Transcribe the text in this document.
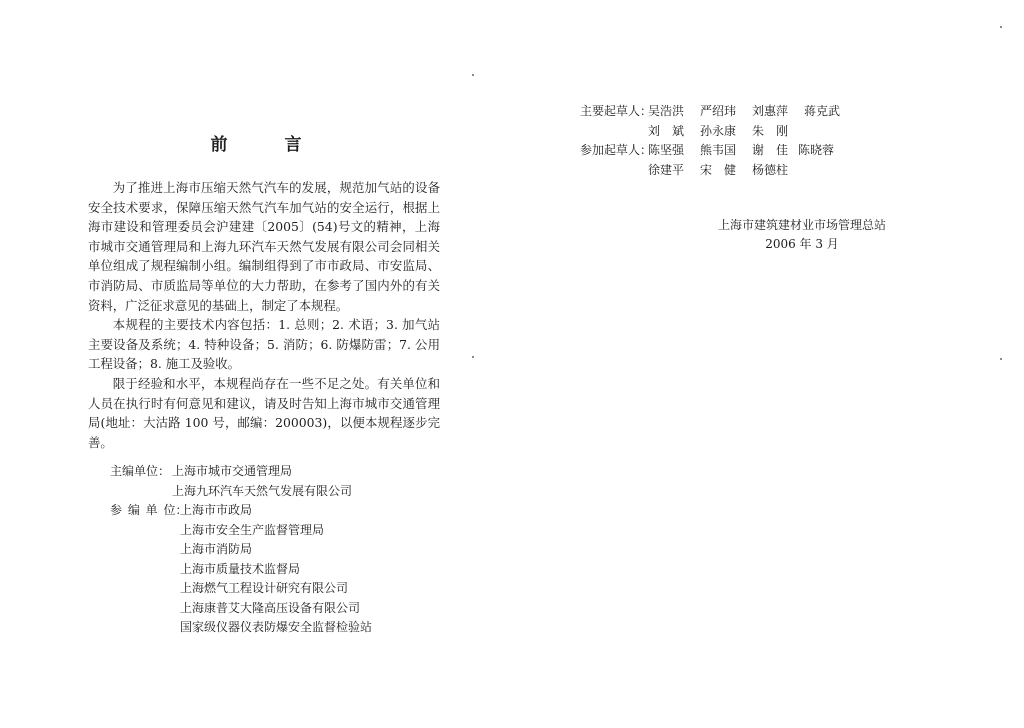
前　言

为了推进上海市压缩天然气汽车的发展，规范加气站的设备安全技术要求，保障压缩天然气汽车加气站的安全运行，根据上海市建设和管理委员会沪建建〔2005〕(54)号文的精神，上海市城市交通管理局和上海九环汽车天然气发展有限公司会同相关单位组成了规程编制小组。编制组得到了市市政局、市安监局、市消防局、市质监局等单位的大力帮助，在参考了国内外的有关资料，广泛征求意见的基础上，制定了本规程。

本规程的主要技术内容包括：1. 总则；2. 术语；3. 加气站主要设备及系统；4. 特种设备；5. 消防；6. 防爆防雷；7. 公用工程设备；8. 施工及验收。

限于经验和水平，本规程尚存在一些不足之处。有关单位和人员在执行时有何意见和建议，请及时告知上海市城市交通管理局(地址：大沽路 100 号，邮编：200003)，以便本规程逐步完善。

主编单位： 上海市城市交通管理局
上海九环汽车天然气发展有限公司
参 编 单 位：上海市市政局
上海市安全生产监督管理局
上海市消防局
上海市质量技术监督局
上海燃气工程设计研究有限公司
上海康普艾大隆高压设备有限公司
国家级仪器仪表防爆安全监督检验站
主要起草人：吴浩洪 严绍玮 刘惠萍 蒋克武
刘　斌 孙永康 朱　刚
参加起草人：陈坚强 熊韦国 谢　佳 陈晓蓉
徐建平 宋　健 杨德柱
上海市建筑建材业市场管理总站
2006 年 3 月
